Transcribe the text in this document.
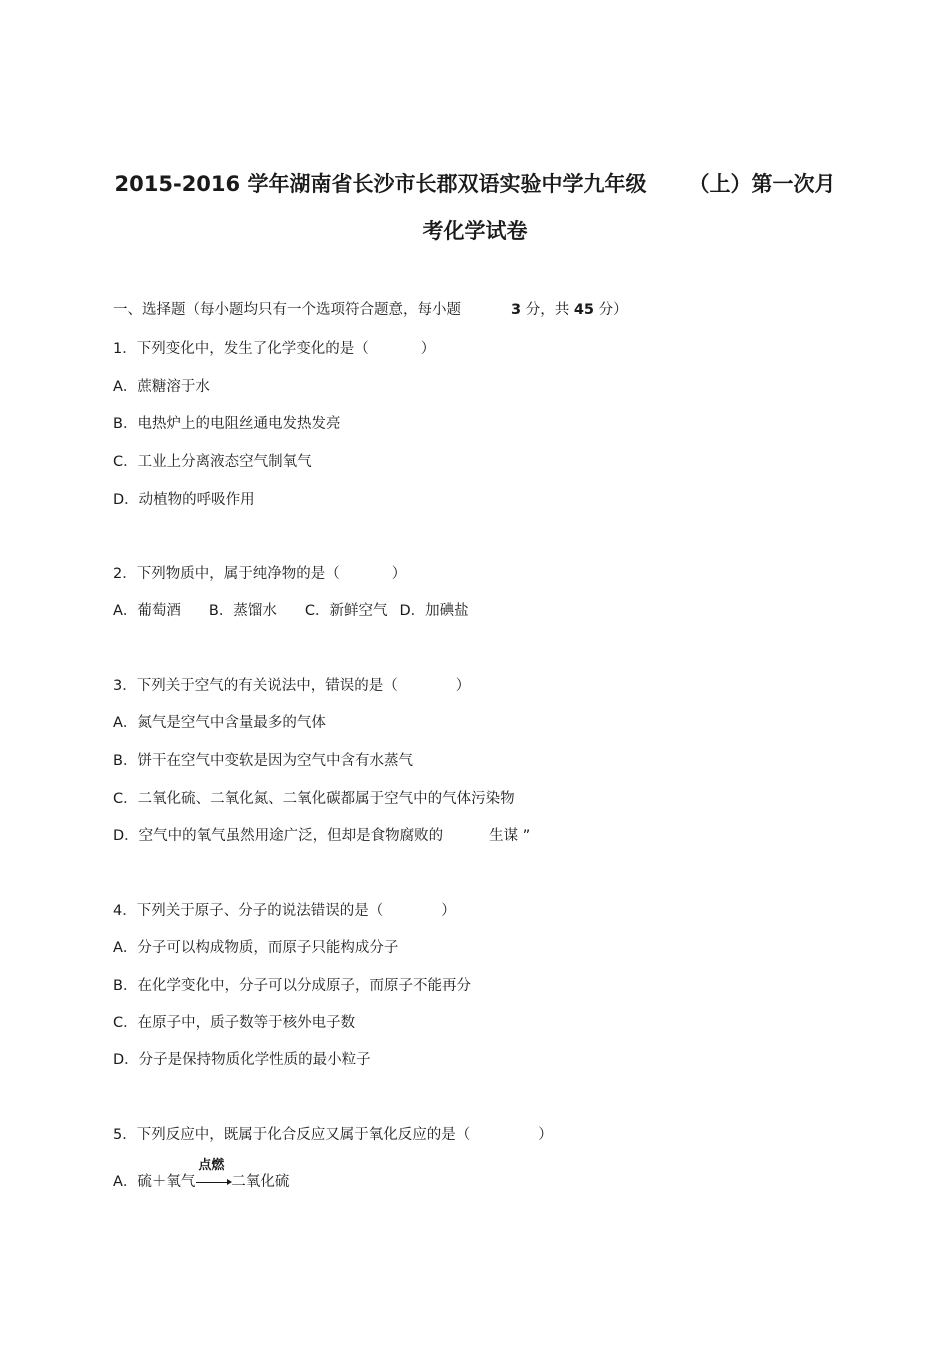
2015-2016 学年湖南省长沙市长郡双语实验中学九年级 （上）第一次月
考化学试卷
一、选择题（每小题均只有一个选项符合题意，每小题	3 分，共 45 分）
1．下列变化中，发生了化学变化的是（	）
A．蔗糖溶于水
B．电热炉上的电阻丝通电发热发亮
C．工业上分离液态空气制氧气
D．动植物的呼吸作用
2．下列物质中，属于纯净物的是（	）
A．葡萄酒 B．蒸馏水 C．新鲜空气 D．加碘盐
3．下列关于空气的有关说法中，错误的是（	）
A．氮气是空气中含量最多的气体
B．饼干在空气中变软是因为空气中含有水蒸气
C．二氧化硫、二氧化氮、二氧化碳都属于空气中的气体污染物
D．空气中的氧气虽然用途广泛，但却是食物腐败的	生谋 ”
4．下列关于原子、分子的说法错误的是（	）
A．分子可以构成物质，而原子只能构成分子
B．在化学变化中，分子可以分成原子，而原子不能再分
C．在原子中，质子数等于核外电子数
D．分子是保持物质化学性质的最小粒子
5．下列反应中，既属于化合反应又属于氧化反应的是（	）
A．硫＋氧气
点燃
二氧化硫
